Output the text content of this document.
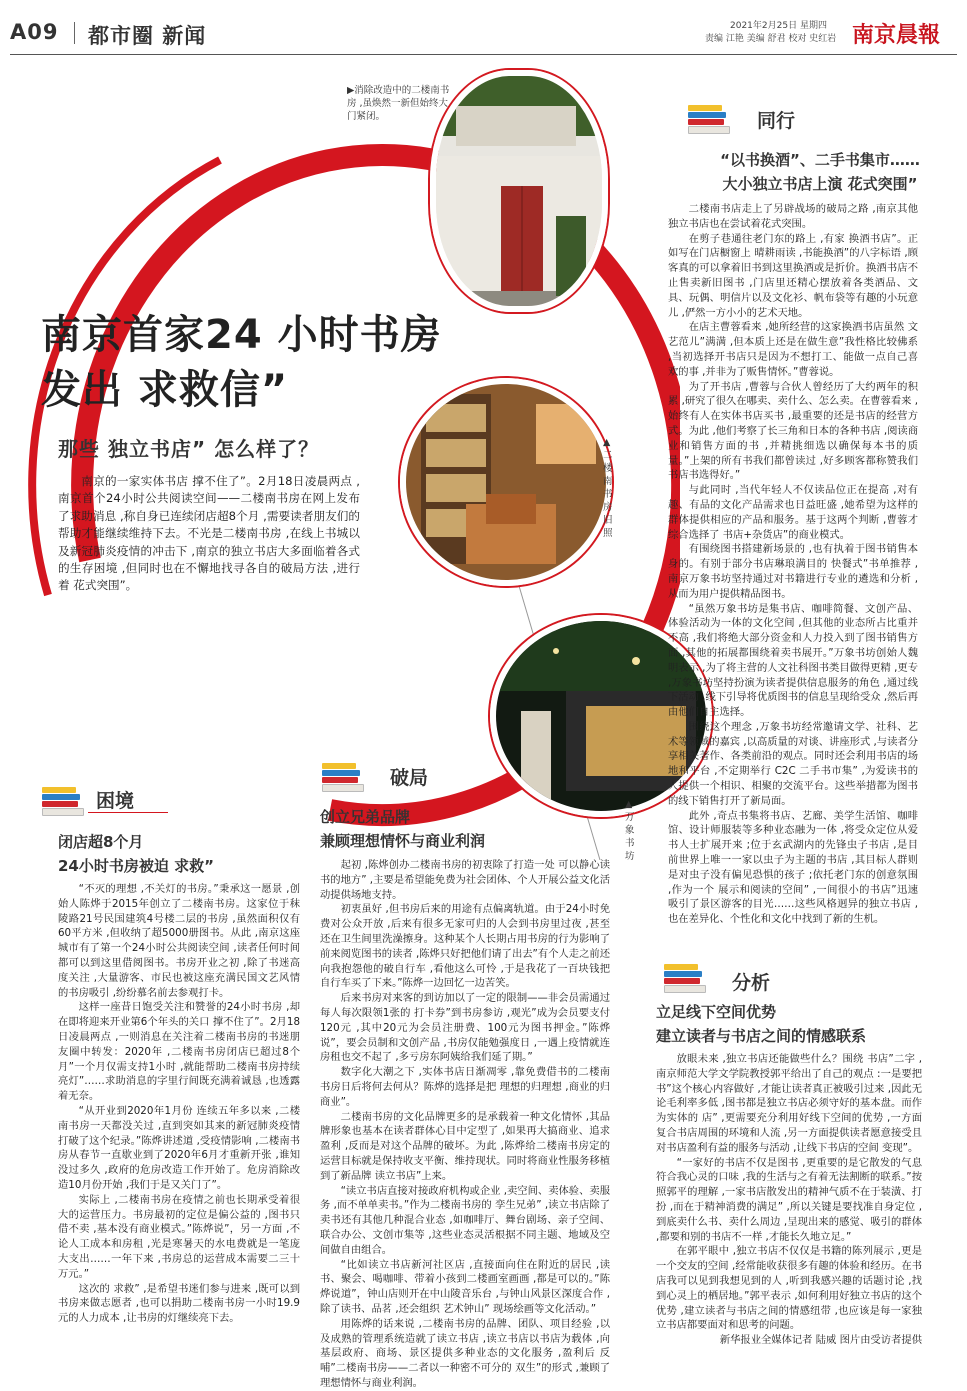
A09 都市圈 新闻	2021年2月25日 星期四
责编 江艳 美编 舒君 校对 史红岩 南京晨報
▶消除改造中的二楼南书房 ,虽焕然一新但始终大门紧闭。
▲二楼南书房旧照
▲万象书坊
南京首家24 小时书房
发出 求救信”
那些 独立书店” 怎么样了？

南京的一家实体书店 撑不住了”。2月18日凌晨两点 ,南京首个24小时公共阅读空间——二楼南书房在网上发布了求助消息 ,称自身已连续闭店超8个月 ,需要读者朋友们的帮助才能继续维持下去。不光是二楼南书房 ,在线上书城以及新冠肺炎疫情的冲击下 ,南京的独立书店大多面临着各式的生存困境 ,但同时也在不懈地找寻各自的破局方法 ,进行着 花式突围”。

困境
闭店超8个月
24小时书房被迫 求救”

“不灭的理想 ,不关灯的书房。”秉承这一愿景 ,创始人陈烨于2015年创立了二楼南书房。这家位于秣陵路21号民国建筑4号楼二层的书房 ,虽然面积仅有60平方米 ,但收纳了超5000册图书。从此 ,南京这座城市有了第一个24小时公共阅读空间 ,读者任何时间都可以到这里借阅图书。书房开业之初 ,除了书迷高度关注 ,大量游客、市民也被这座充满民国文艺风情的书房吸引 ,纷纷慕名前去参观打卡。

这样一座昔日饱受关注和赞誉的24小时书房 ,却在即将迎来开业第6个年头的关口 撑不住了”。2月18日凌晨两点 ,一则消息在关注着二楼南书房的书迷朋友圈中转发：2020年 ,二楼南书房闭店已超过8个月”一个月仅需支持1小时 ,就能帮助二楼南书房持续亮灯”……求助消息的字里行间既充满着诚恳 ,也透露着无奈。

“从开业到2020年1月份 连续五年多以来 ,二楼南书房一天都没关过 ,直到突如其来的新冠肺炎疫情打破了这个纪录。”陈烨讲述道 ,受疫情影响 ,二楼南书房从春节一直歇业到了2020年6月才重新开张 ,谁知没过多久 ,政府的危房改造工作开始了。危房消除改造10月份开始 ,我们于是又关门了”。

实际上 ,二楼南书房在疫情之前也长期承受着很大的运营压力。书房最初的定位是偏公益的 ,图书只借不卖 ,基本没有商业模式。”陈烨说”，另一方面 ,不论人工成本和房租 ,光是寒暑天的水电费就是一笔庞大支出……一年下来 ,书房总的运营成本需要二三十万元。”

这次的 求救” ,是希望书迷们参与进来 ,既可以到书房来做志愿者 ,也可以捐助二楼南书房一小时19.9元的人力成本 ,让书房的灯继续亮下去。

破局
创立兄弟品牌
兼顾理想情怀与商业利润

起初 ,陈烨创办二楼南书房的初衷除了打造一处 可以静心读书的地方” ,主要是希望能免费为社会团体、个人开展公益文化活动提供场地支持。

初衷虽好 ,但书房后来的用途有点偏离轨道。由于24小时免费对公众开放 ,后来有很多无家可归的人会到书房里过夜 ,甚至还在卫生间里洗澡擦身。这种某个人长期占用书房的行为影响了前来阅览图书的读者 ,陈烨只好把他们请了出去”有个人走之前还向我抱怨他的破自行车 ,看他这么可怜 ,于是我花了一百块钱把自行车买了下来。”陈烨一边回忆一边苦笑。

后来书房对来客的到访加以了一定的限制——非会员需通过每人每次限领1张的 打卡券”到书房参访 ,观光”成为会员要支付120元 ,其中20元为会员注册费、100元为图书押金。”陈烨说”，要会员制和文创产品 ,书房仅能勉强度日 ,一遇上疫情就连房租也交不起了 ,多亏房东阿姨给我们延了期。”

数字化大潮之下 ,实体书店日渐凋零 ,靠免费借书的二楼南书房日后将何去何从？陈烨的选择是把 理想的归理想 ,商业的归商业”。

二楼南书房的文化品牌更多的是承载着一种文化情怀 ,其品牌形象也基本在读者群体心目中定型了 ,如果再大搞商业、追求盈利 ,反而是对这个品牌的破坏。为此 ,陈烨给二楼南书房定的运营目标就是保持收支平衡、维持现状。同时将商业性服务移植到了新品牌 读立书店”上来。

“读立书店直接对接政府机构或企业 ,卖空间、卖体验、卖服务 ,而不单单卖书。”作为二楼南书房的 孪生兄弟” ,读立书店除了卖书还有其他几种混合业态 ,如咖啡厅、舞台剧场、亲子空间、联合办公、文创市集等 ,这些业态灵活根据不同主题、地域及空间做自由组合。

“比如读立书店新河社区店 ,直接面向住在附近的居民 ,读书、聚会、喝咖啡、带着小孩到二楼画室画画 ,都是可以的。”陈烨说道”，钟山店则开在中山陵音乐台 ,与钟山风景区深度合作 ,除了读书、品茗 ,还会组织 艺术钟山” 现场绘画等文化活动。”

用陈烨的话来说 ,二楼南书房的品牌、团队、项目经验 ,以及成熟的管理系统造就了读立书店 ,读立书店以书店为载体 ,向基层政府、商场、景区提供多种业态的文化服务 ,盈利后 反哺”二楼南书房——二者以一种密不可分的 双生”的形式 ,兼顾了理想情怀与商业利润。

同行
“以书换酒”、二手书集市……
大小独立书店上演 花式突围”

二楼南书店走上了另辟战场的破局之路 ,南京其他独立书店也在尝试着花式突围。

在剪子巷通往老门东的路上 ,有家 换酒书店”。正如写在门店橱窗上 晴耕雨读 ,书能换酒”的八字标语 ,顾客真的可以拿着旧书到这里换酒或是折价。换酒书店不止售卖新旧图书 ,门店里还精心摆放着各类酒品、文具、玩偶、明信片以及文化衫、帆布袋等有趣的小玩意儿 ,俨然一方小小的艺术天地。

在店主曹蓉看来 ,她所经营的这家换酒书店虽然 文艺范儿”满满 ,但本质上还是在做生意”我性格比较佛系 ,当初选择开书店只是因为不想打工、能做一点自己喜欢的事 ,并非为了贩售情怀。”曹蓉说。

为了开书店 ,曹蓉与合伙人曾经历了大约两年的积累 ,研究了很久在哪卖、卖什么、怎么卖。在曹蓉看来 ,始终有人在实体书店买书 ,最重要的还是书店的经营方式。为此 ,他们考察了长三角和日本的各种书店 ,阅读商业和销售方面的书 ,并精挑细选以确保每本书的质量。”上架的所有书我们都曾读过 ,好多顾客都称赞我们书店书选得好。”

与此同时 ,当代年轻人不仅读品位正在提高 ,对有趣、有品的文化产品需求也日益旺盛 ,她希望为这样的群体提供相应的产品和服务。基于这两个判断 ,曹蓉才综合选择了 书店+杂货店”的商业模式。

有围绕图书搭建新场景的 ,也有执着于图书销售本身的。有别于部分书店琳琅满目的 快餐式”书单推荐 ,南京万象书坊坚持通过对书籍进行专业的遴选和分析 ,从而为用户提供精品图书。

“虽然万象书坊是集书店、咖啡简餐、文创产品、体验活动为一体的文化空间 ,但其他的业态所占比重并不高 ,我们将绝大部分资金和人力投入到了图书销售方面 ,其他的拓展都围绕着卖书展开。”万象书坊创始人魏明表示 ,为了将主营的人文社科图书类目做得更精 ,更专 ,万象书坊坚持扮演为读者提供信息服务的角色 ,通过线下活动 ,线下引导将优质图书的信息呈现给受众 ,然后再由他们自主选择。

围绕这个理念 ,万象书坊经常邀请文学、社科、艺术等领域的嘉宾 ,以高质量的对谈、讲座形式 ,与读者分享相关著作、各类前沿的观点。同时还会利用书店的场地和平台 ,不定期举行 C2C 二手书市集” ,为爱读书的人提供一个相识、相聚的交流平台。这些举措都为图书的线下销售打开了新局面。

此外 ,奇点书集将书店、艺廊、美学生活馆、咖啡馆、设计师服装等多种业态融为一体 ,将受众定位从爱书人士扩展开来 ;位于玄武湖内的先锋虫子书店 ,是目前世界上唯一一家以虫子为主题的书店 ,其目标人群则是对虫子没有偏见恐惧的孩子 ;依托老门东的创意氛围 ,作为一个 展示和阅读的空间” ,一间很小的书店”迅速吸引了景区游客的目光……这些风格迥异的独立书店 ,也在差异化、个性化和文化中找到了新的生机。

分析
立足线下空间优势
建立读者与书店之间的情感联系

放眼未来 ,独立书店还能做些什么？围绕 书店”二字 ,南京师范大学文学院教授郭平给出了自己的观点 :一是要把 书”这个核心内容做好 ,才能让读者真正被吸引过来 ,因此无论毛利率多低 ,图书都是独立书店必须守好的基本盘。而作为实体的 店” ,更需要充分利用好线下空间的优势 ,一方面复合书店周围的环境和人流 ,另一方面提供读者愿意接受且对书店盈利有益的服务与活动 ,让线下书店的空间 变现”。

“一家好的书店不仅是图书 ,更重要的是它散发的气息符合我心灵的口味 ,我的生活与之有着无法割断的联系。”按照郭平的理解 ,一家书店散发出的精神气质不在于装潢、打扮 ,而在于精神消费的满足” ,所以关键是要找准自身定位 ,到底卖什么书、卖什么周边 ,呈现出来的感觉、吸引的群体 ,都要和别的书店不一样 ,才能长久地立足。”

在郭平眼中 ,独立书店不仅仅是书籍的陈列展示 ,更是一个交友的空间 ,经常能收获很多有趣的体验和经历。在书店我可以见到我想见到的人 ,听到我感兴趣的话题讨论 ,找到心灵上的栖居地。”郭平表示 ,如何利用好独立书店的这个优势 ,建立读者与书店之间的情感纽带 ,也应该是每一家独立书店都要面对和思考的问题。

新华报业全媒体记者 陆威 图片由受访者提供
